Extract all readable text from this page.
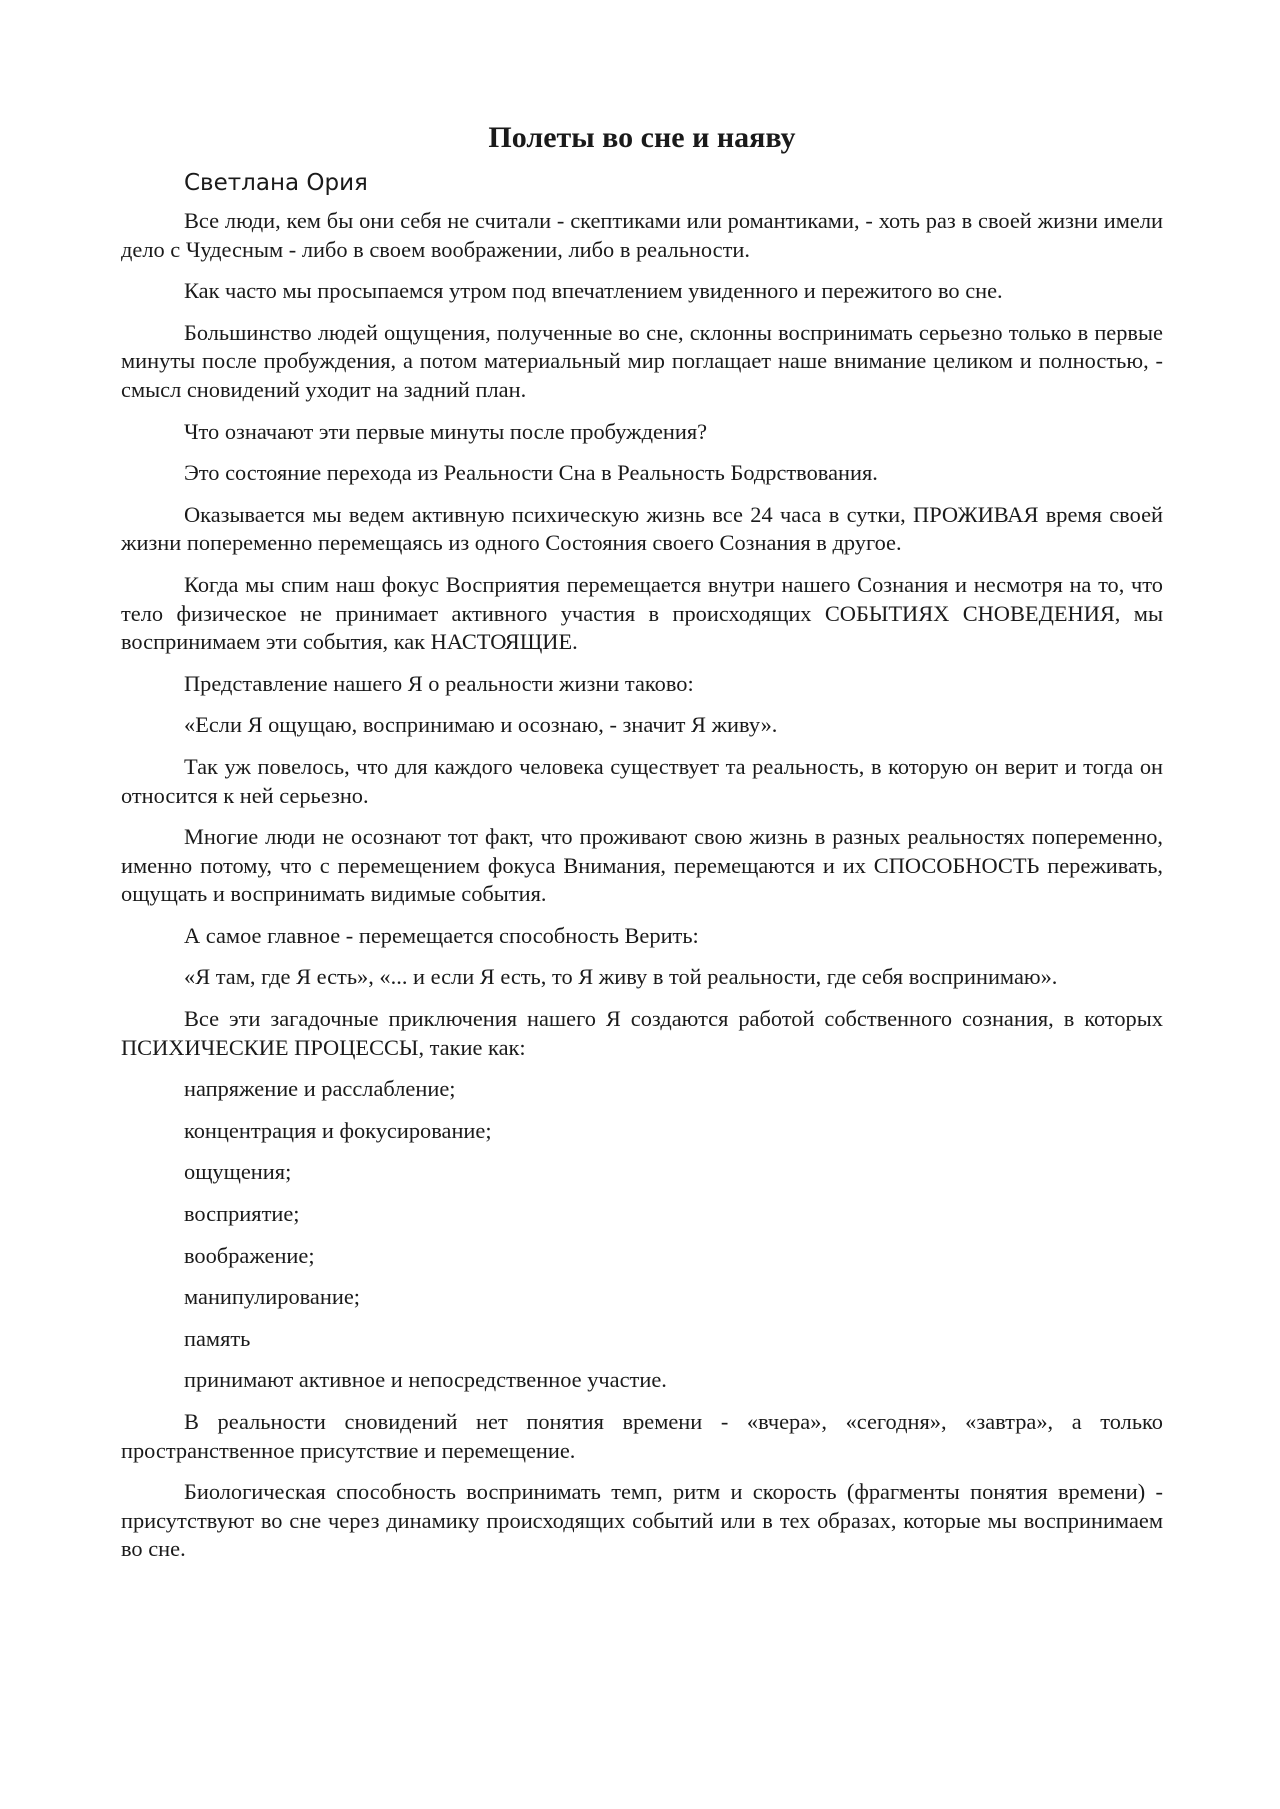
Полеты во сне и наяву

Светлана Ория

Все люди, кем бы они себя не считали - скептиками или романтиками, - хоть раз в своей жизни имели дело с Чудесным - либо в своем воображении, либо в реальности.

Как часто мы просыпаемся утром под впечатлением увиденного и пережитого во сне.

Большинство людей ощущения, полученные во сне, склонны воспринимать серьезно только в первые минуты после пробуждения, а потом материальный мир поглащает наше внимание целиком и полностью, - смысл сновидений уходит на задний план.

Что означают эти первые минуты после пробуждения?

Это состояние перехода из Реальности Сна в Реальность Бодрствования.

Оказывается мы ведем активную психическую жизнь все 24 часа в сутки, ПРОЖИВАЯ время своей жизни попеременно перемещаясь из одного Состояния своего Сознания в другое.

Когда мы спим наш фокус Восприятия перемещается внутри нашего Сознания и несмотря на то, что тело физическое не принимает активного участия в происходящих СОБЫТИЯХ СНОВЕДЕНИЯ, мы воспринимаем эти события, как НАСТОЯЩИЕ.

Представление нашего Я о реальности жизни таково:

«Если Я ощущаю, воспринимаю и осознаю, - значит Я живу».

Так уж повелось, что для каждого человека существует та реальность, в которую он верит и тогда он относится к ней серьезно.

Многие люди не осознают тот факт, что проживают свою жизнь в разных реальностях попеременно, именно потому, что с перемещением фокуса Внимания, перемещаются и их СПОСОБНОСТЬ переживать, ощущать и воспринимать видимые события.

А самое главное - перемещается способность Верить:

«Я там, где Я есть», «... и если Я есть, то Я живу в той реальности, где себя воспринимаю».

Все эти загадочные приключения нашего Я создаются работой собственного сознания, в которых ПСИХИЧЕСКИЕ ПРОЦЕССЫ, такие как:

напряжение и расслабление;

концентрация и фокусирование;

ощущения;

восприятие;

воображение;

манипулирование;

память

принимают активное и непосредственное участие.

В реальности сновидений нет понятия времени - «вчера», «сегодня», «завтра», а только пространственное присутствие и перемещение.

Биологическая способность воспринимать темп, ритм и скорость (фрагменты понятия времени) - присутствуют во сне через динамику происходящих событий или в тех образах, которые мы воспринимаем во сне.
